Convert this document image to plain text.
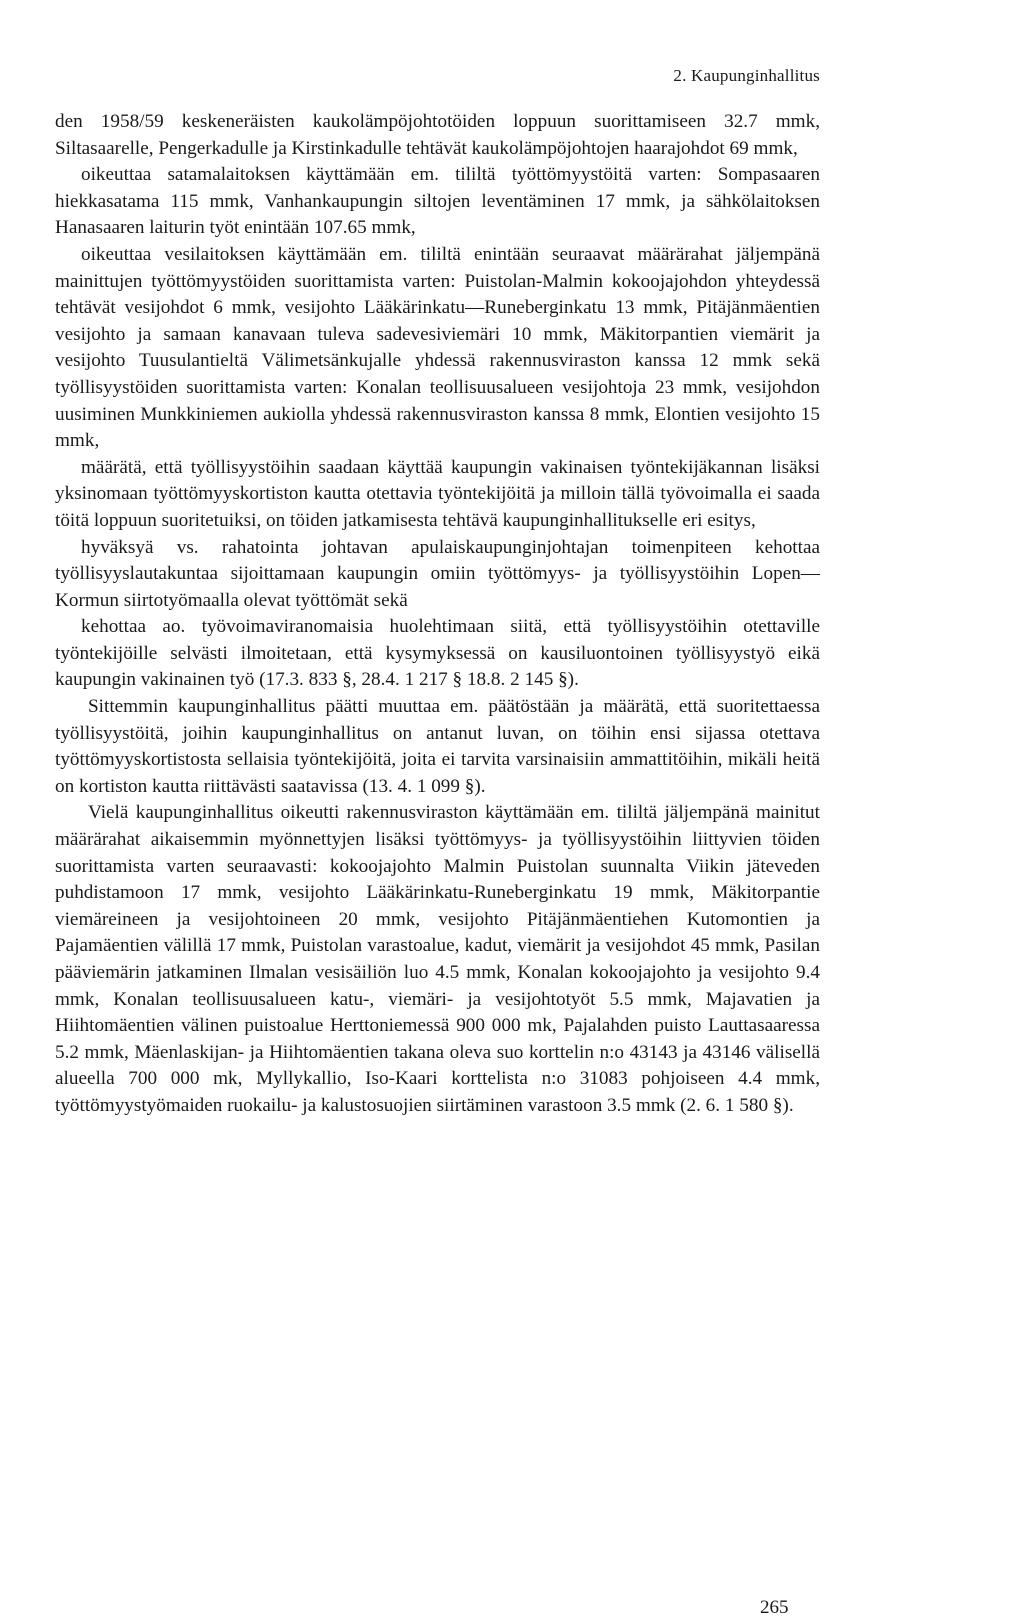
2. Kaupunginhallitus

den 1958/59 keskeneräisten kaukolämpöjohtotöiden loppuun suorittamiseen 32.7 mmk, Siltasaarelle, Pengerkadulle ja Kirstinkadulle tehtävät kaukolämpöjohtojen haarajohdot 69 mmk,

oikeuttaa satamalaitoksen käyttämään em. tililtä työttömyystöitä varten: Sompasaaren hiekkasatama 115 mmk, Vanhankaupungin siltojen leventäminen 17 mmk, ja sähkölaitoksen Hanasaaren laiturin työt enintään 107.65 mmk,

oikeuttaa vesilaitoksen käyttämään em. tililtä enintään seuraavat määrärahat jäljempänä mainittujen työttömyystöiden suorittamista varten: Puistolan-Malmin kokoojajohdon yhteydessä tehtävät vesijohdot 6 mmk, vesijohto Lääkärinkatu—Runeberginkatu 13 mmk, Pitäjänmäentien vesijohto ja samaan kanavaan tuleva sadevesiviemäri 10 mmk, Mäkitorpantien viemärit ja vesijohto Tuusulantieltä Välimetsänkujalle yhdessä rakennusviraston kanssa 12 mmk sekä työllisyystöiden suorittamista varten: Konalan teollisuusalueen vesijohtoja 23 mmk, vesijohdon uusiminen Munkkiniemen aukiolla yhdessä rakennusviraston kanssa 8 mmk, Elontien vesijohto 15 mmk,

määrätä, että työllisyystöihin saadaan käyttää kaupungin vakinaisen työntekijäkannan lisäksi yksinomaan työttömyyskortiston kautta otettavia työntekijöitä ja milloin tällä työvoimalla ei saada töitä loppuun suoritetuiksi, on töiden jatkamisesta tehtävä kaupunginhallitukselle eri esitys,

hyväksyä vs. rahatointa johtavan apulaiskaupunginjohtajan toimenpiteen kehottaa työllisyyslautakuntaa sijoittamaan kaupungin omiin työttömyys- ja työllisyystöihin Lopen—Kormun siirtotyömaalla olevat työttömät sekä

kehottaa ao. työvoimaviranomaisia huolehtimaan siitä, että työllisyystöihin otettaville työntekijöille selvästi ilmoitetaan, että kysymyksessä on kausiluontoinen työllisyystyö eikä kaupungin vakinainen työ (17.3. 833 §, 28.4. 1 217 § 18.8. 2 145 §).

Sittemmin kaupunginhallitus päätti muuttaa em. päätöstään ja määrätä, että suoritettaessa työllisyystöitä, joihin kaupunginhallitus on antanut luvan, on töihin ensi sijassa otettava työttömyyskortistosta sellaisia työntekijöitä, joita ei tarvita varsinaisiin ammattitöihin, mikäli heitä on kortiston kautta riittävästi saatavissa (13. 4. 1 099 §).

Vielä kaupunginhallitus oikeutti rakennusviraston käyttämään em. tililtä jäljempänä mainitut määrärahat aikaisemmin myönnettyjen lisäksi työttömyys- ja työllisyystöihin liittyvien töiden suorittamista varten seuraavasti: kokoojajohto Malmin Puistolan suunnalta Viikin jäteveden puhdistamoon 17 mmk, vesijohto Lääkärinkatu-Runeberginkatu 19 mmk, Mäkitorpantie viemäreineen ja vesijohtoineen 20 mmk, vesijohto Pitäjänmäentiehen Kutomontien ja Pajamäentien välillä 17 mmk, Puistolan varastoalue, kadut, viemärit ja vesijohdot 45 mmk, Pasilan pääviemärin jatkaminen Ilmalan vesisäiliön luo 4.5 mmk, Konalan kokoojajohto ja vesijohto 9.4 mmk, Konalan teollisuusalueen katu-, viemäri- ja vesijohtotyöt 5.5 mmk, Majavatien ja Hiihtomäentien välinen puistoalue Herttoniemessä 900 000 mk, Pajalahden puisto Lauttasaaressa 5.2 mmk, Mäenlaskijan- ja Hiihtomäentien takana oleva suo korttelin n:o 43143 ja 43146 välisellä alueella 700 000 mk, Myllykallio, Iso-Kaari korttelista n:o 31083 pohjoiseen 4.4 mmk, työttömyystyömaiden ruokailu- ja kalustosuojien siirtäminen varastoon 3.5 mmk (2. 6. 1 580 §).

265
